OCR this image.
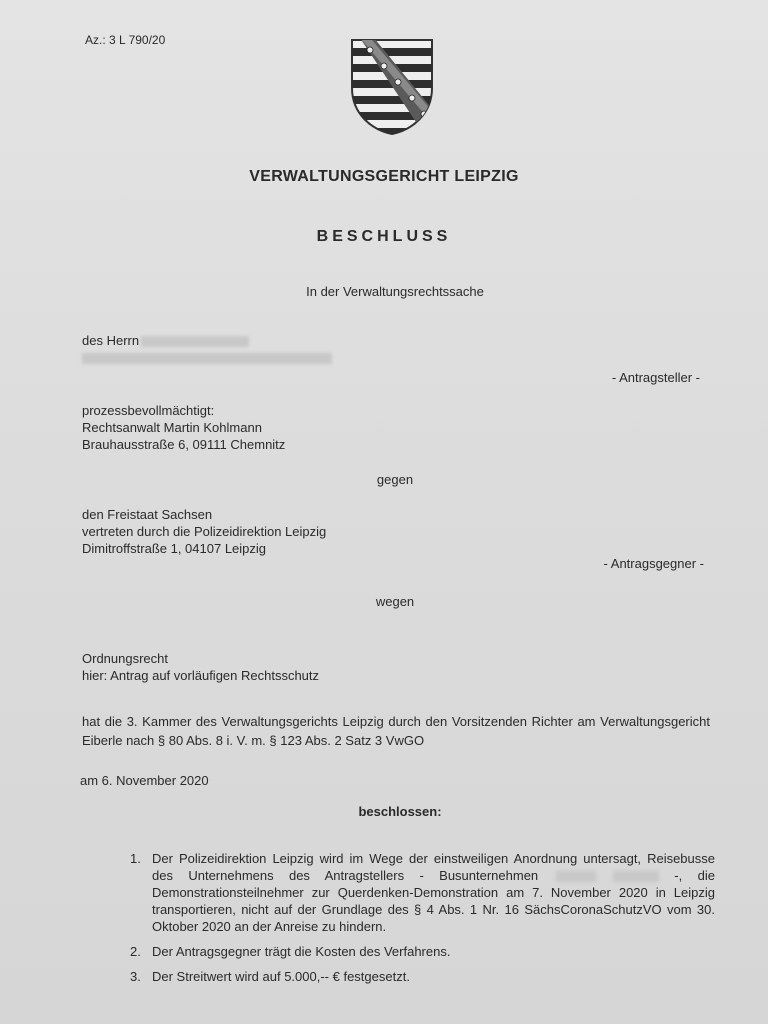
Az.: 3 L 790/20
VERWALTUNGSGERICHT LEIPZIG
BESCHLUSS
In der Verwaltungsrechtssache
des Herrn

- Antragsteller -
prozessbevollmächtigt:
Rechtsanwalt Martin Kohlmann
Brauhausstraße 6, 09111 Chemnitz
gegen
den Freistaat Sachsen
vertreten durch die Polizeidirektion Leipzig
Dimitroffstraße 1, 04107 Leipzig
- Antragsgegner -
wegen
Ordnungsrecht
hier: Antrag auf vorläufigen Rechtsschutz
hat die 3. Kammer des Verwaltungsgerichts Leipzig durch den Vorsitzenden Richter am Verwaltungsgericht Eiberle nach § 80 Abs. 8 i. V. m. § 123 Abs. 2 Satz 3 VwGO
am 6. November 2020
beschlossen:
1. Der Polizeidirektion Leipzig wird im Wege der einstweiligen Anordnung untersagt, Reisebusse des Unternehmens des Antragstellers - Busunternehmen	-, die Demonstrationsteilnehmer zur Querdenken-Demonstration am 7. November 2020 in Leipzig transportieren, nicht auf der Grundlage des § 4 Abs. 1 Nr. 16 SächsCoronaSchutzVO vom 30. Oktober 2020 an der Anreise zu hindern.
2. Der Antragsgegner trägt die Kosten des Verfahrens.
3. Der Streitwert wird auf 5.000,-- € festgesetzt.
